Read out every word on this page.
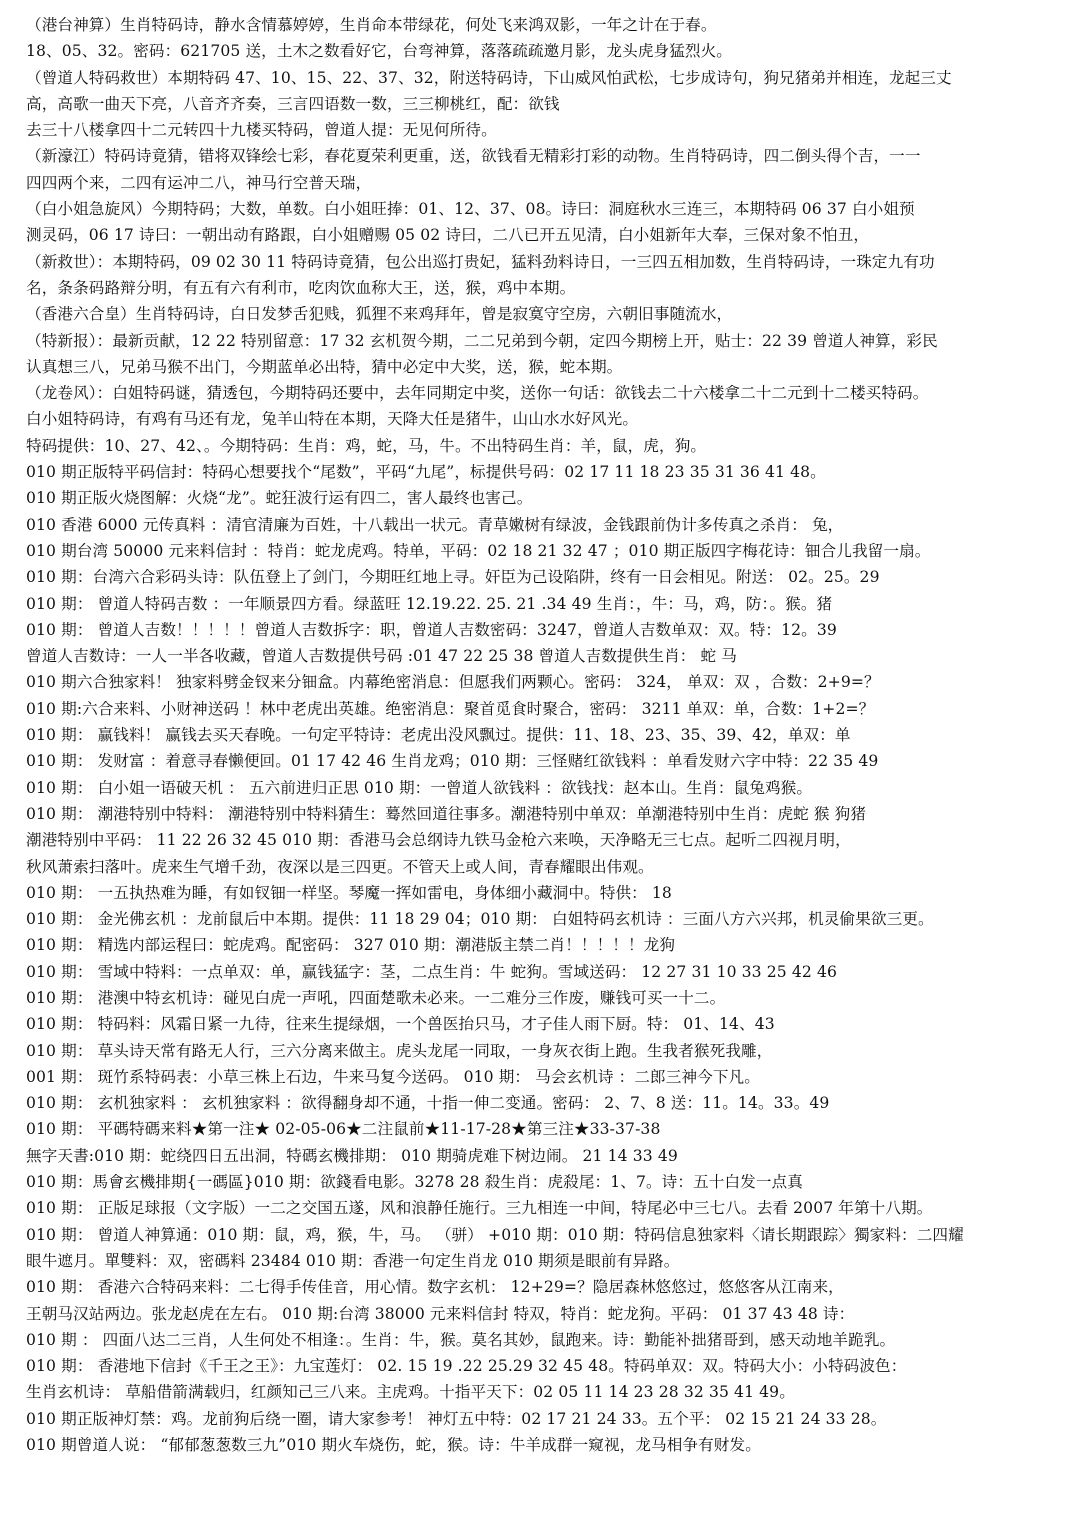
（港台神算）生肖特码诗，静水含情慕婷婷，生肖命本带绿花，何处飞来鸿双影，一年之计在于春。
18、05、32。密码：621705 送，土木之数看好它，台弯神算，落落疏疏邀月影，龙头虎身猛烈火。
（曾道人特码救世）本期特码 47、10、15、22、37、32，附送特码诗，下山威风怕武松，七步成诗句，狗兄猪弟并相连，龙起三丈
高，高歌一曲天下亮，八音齐齐奏，三言四语数一数，三三柳桃红，配：欲钱
去三十八楼拿四十二元转四十九楼买特码，曾道人提：无见何所待。
（新濠江）特码诗竟猜，错将双锋绘七彩，春花夏荣利更重，送，欲钱看无精彩打彩的动物。生肖特码诗，四二倒头得个吉，一一
四四两个来，二四有运冲二八，神马行空普天瑞，
（白小姐急旋风）今期特码；大数，单数。白小姐旺捧：01、12、37、08。诗曰：洞庭秋水三连三，本期特码 06 37 白小姐预
测灵码，06 17 诗曰：一朝出动有路跟，白小姐赠赐 05 02 诗曰，二八已开五见清，白小姐新年大奉，三保对象不怕丑，
（新救世）：本期特码，09 02 30 11 特码诗竟猜，包公出巡打贵妃，猛料劲料诗日，一三四五相加数，生肖特码诗，一珠定九有功
名，条条码路辩分明，有五有六有利市，吃肉饮血称大王，送，猴，鸡中本期。
（香港六合皇）生肖特码诗，白日发梦舌犯贱，狐狸不来鸡拜年，曾是寂寞守空房，六朝旧事随流水，
（特新报）：最新贡献，12 22 特别留意：17 32 玄机贺今期，二二兄弟到今朝，定四今期榜上开，贴士：22 39 曾道人神算，彩民
认真想三八，兄弟马猴不出门，今期蓝单必出特，猜中必定中大奖，送，猴，蛇本期。
（龙卷风）：白姐特码谜，猜透包，今期特码还要中，去年同期定中奖，送你一句话：欲钱去二十六楼拿二十二元到十二楼买特码。
白小姐特码诗，有鸡有马还有龙，兔羊山特在本期，天降大任是猪牛，山山水水好风光。
特码提供：10、27、42、。今期特码：生肖：鸡，蛇，马，牛。不出特码生肖：羊，鼠，虎，狗。
010 期正版特平码信封：特码心想要找个“尾数”，平码“九尾”，标提供号码：02 17 11 18 23 35 31 36 41 48。
010 期正版火烧图解：火烧“龙”。蛇狂波行运有四二，害人最终也害己。
010 香港 6000 元传真料 ：清官清廉为百姓，十八载出一状元。青草嫩树有绿波，金钱跟前伪计多传真之杀肖： 兔，
010 期台湾 50000 元来料信封 ：特肖：蛇龙虎鸡。特单，平码：02 18 21 32 47 ；010 期正版四字梅花诗：钿合儿我留一扇。
010 期：台湾六合彩码头诗：队伍登上了剑门，今期旺红地上寻。奸臣为己设陷阱，终有一日会相见。附送： 02。25。29
010 期： 曾道人特码吉数 ：一年顺景四方看。绿蓝旺 12.19.22. 25. 21 .34 49 生肖：，牛：马，鸡，防：。猴。猪
010 期： 曾道人吉数！！！！！曾道人吉数拆字：职，曾道人吉数密码：3247，曾道人吉数单双：双。特：12。39
曾道人吉数诗：一人一半各收藏，曾道人吉数提供号码 :01 47 22 25 38 曾道人吉数提供生肖： 蛇 马
010 期六合独家料！ 独家料劈金钗来分钿盒。内幕绝密消息：但愿我们两颗心。密码： 324， 单双：双 ，合数：2+9=？
010 期:六合来料、小财神送码 ！林中老虎出英雄。绝密消息：聚首觅食时聚合，密码： 3211 单双：单，合数：1+2=？
010 期： 赢钱料！ 赢钱去买天春晚。一句定平特诗：老虎出没风飘过。提供：11、18、23、35、39、42，单双：单
010 期： 发财富 ：着意寻春懒便回。01 17 42 46 生肖龙鸡；010 期：三怪赌红欲钱料 ：单看发财六字中特：22 35 49
010 期： 白小姐一语破天机 ： 五六前进归正思 010 期：一曾道人欲钱料 ：欲钱找：赵本山。生肖：鼠兔鸡猴。
010 期： 潮港特别中特料： 潮港特别中特料猜生：蓦然回道往事多。潮港特别中单双：单潮港特别中生肖：虎蛇 猴 狗猪
潮港特别中平码： 11 22 26 32 45 010 期：香港马会总纲诗九铁马金枪六来唤，天净略无三七点。起听二四视月明，
秋风萧索扫落叶。虎来生气增千劲，夜深以是三四更。不管天上或人间，青春耀眼出伟观。
010 期： 一五执热难为睡，有如钗钿一样坚。琴魔一挥如雷电，身体细小藏洞中。特供： 18
010 期： 金光佛玄机 ：龙前鼠后中本期。提供：11 18 29 04；010 期： 白姐特码玄机诗 ：三面八方六兴邦，机灵偷果欲三更。
010 期： 精选内部运程曰：蛇虎鸡。配密码： 327 010 期：潮港版主禁二肖！！！！！龙狗
010 期： 雪域中特料：一点单双：单，赢钱猛字：茎，二点生肖：牛 蛇狗。雪域送码： 12 27 31 10 33 25 42 46
010 期： 港澳中特玄机诗：碰见白虎一声吼，四面楚歌未必来。一二难分三作废，赚钱可买一十二。
010 期： 特码料：风霜日紧一九待，往来生提绿烟，一个兽医抬只马，才子佳人雨下厨。特： 01、14、43
010 期： 草头诗天常有路无人行，三六分离来做主。虎头龙尾一同取，一身灰衣街上跑。生我者猴死我雕，
001 期： 斑竹系特码表：小草三株上石边，牛来马复今送码。 010 期： 马会玄机诗 ：二郎三神今下凡。
010 期： 玄机独家料 ： 玄机独家料 ：欲得翻身却不通，十指一伸二变通。密码： 2、7、8 送：11。14。33。49
010 期： 平碼特碼来料★第一注★ 02-05-06★二注鼠前★11-17-28★第三注★33-37-38
無字天書:010 期：蛇绕四日五出洞，特碼玄機排期： 010 期骑虎难下树边闹。 21 14 33 49
010 期：馬會玄機排期{一碼區}010 期：欲錢看电影。3278 28 殺生肖：虎殺尾：1、7。诗：五十白发一点真
010 期： 正版足球报（文字版）一二之交国五遂，风和浪静任施行。三九相连一中间，特尾必中三七八。去看 2007 年第十八期。
010 期： 曾道人神算通：010 期：鼠，鸡，猴，牛，马。 （骈） +010 期：010 期：特码信息独家料〈请长期跟踪〉獨家料：二四耀
眼牛遮月。單雙料：双，密碼料 23484 010 期：香港一句定生肖龙 010 期须是眼前有异路。
010 期： 香港六合特码来料：二七得手传佳音，用心情。数字玄机： 12+29=？隐居森林悠悠过，悠悠客从江南来，
王朝马汉站两边。张龙赵虎在左右。 010 期:台湾 38000 元来料信封 特双，特肖：蛇龙狗。平码： 01 37 43 48 诗：
010 期 ： 四面八达二三肖，人生何处不相逢：。生肖：牛，猴。莫名其妙，鼠跑来。诗：勤能补拙猪哥到，感天动地羊跪乳。
010 期： 香港地下信封《千王之王》：九宝莲灯： 02. 15 19 .22 25.29 32 45 48。特码单双：双。特码大小：小特码波色：
生肖玄机诗： 草船借箭满载归，红颜知己三八来。主虎鸡。十指平天下：02 05 11 14 23 28 32 35 41 49。
010 期正版神灯禁：鸡。龙前狗后绕一圈，请大家参考！ 神灯五中特：02 17 21 24 33。五个平： 02 15 21 24 33 28。
010 期曾道人说： “郁郁葱葱数三九”010 期火车烧伤，蛇，猴。诗：牛羊成群一窥视，龙马相争有财发。
